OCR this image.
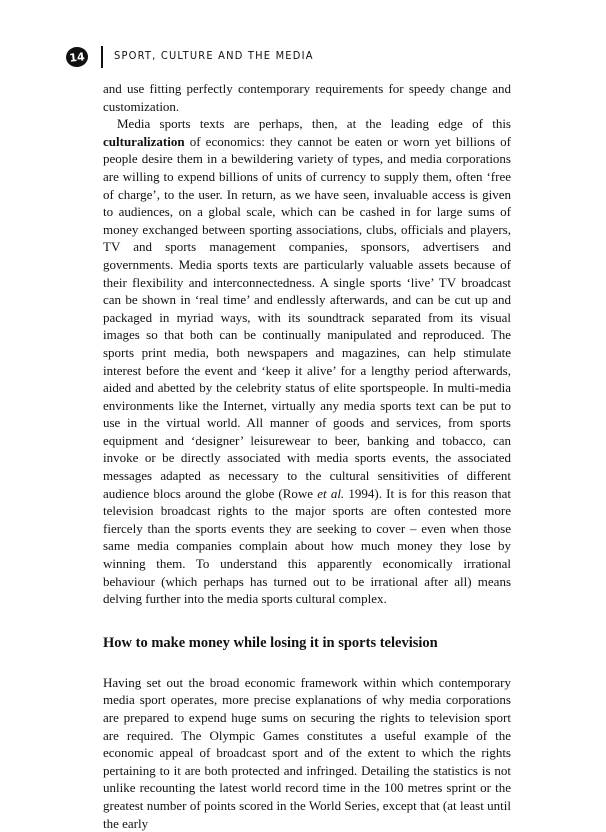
14	SPORT, CULTURE AND THE MEDIA

and use fitting perfectly contemporary requirements for speedy change and customization.

Media sports texts are perhaps, then, at the leading edge of this culturalization of economics: they cannot be eaten or worn yet billions of people desire them in a bewildering variety of types, and media corporations are willing to expend billions of units of currency to supply them, often ‘free of charge’, to the user. In return, as we have seen, invaluable access is given to audiences, on a global scale, which can be cashed in for large sums of money exchanged between sporting associations, clubs, officials and players, TV and sports management companies, sponsors, advertisers and governments. Media sports texts are particularly valuable assets because of their flexibility and interconnectedness. A single sports ‘live’ TV broadcast can be shown in ‘real time’ and endlessly afterwards, and can be cut up and packaged in myriad ways, with its soundtrack separated from its visual images so that both can be continually manipulated and reproduced. The sports print media, both newspapers and magazines, can help stimulate interest before the event and ‘keep it alive’ for a lengthy period afterwards, aided and abetted by the celebrity status of elite sportspeople. In multi-media environments like the Internet, virtually any media sports text can be put to use in the virtual world. All manner of goods and services, from sports equipment and ‘designer’ leisurewear to beer, banking and tobacco, can invoke or be directly associated with media sports events, the associated messages adapted as necessary to the cultural sensitivities of different audience blocs around the globe (Rowe et al. 1994). It is for this reason that television broadcast rights to the major sports are often contested more fiercely than the sports events they are seeking to cover – even when those same media companies complain about how much money they lose by winning them. To understand this apparently economically irrational behaviour (which perhaps has turned out to be irrational after all) means delving further into the media sports cultural complex.

How to make money while losing it in sports television

Having set out the broad economic framework within which contemporary media sport operates, more precise explanations of why media corporations are prepared to expend huge sums on securing the rights to television sport are required. The Olympic Games constitutes a useful example of the economic appeal of broadcast sport and of the extent to which the rights pertaining to it are both protected and infringed. Detailing the statistics is not unlike recounting the latest world record time in the 100 metres sprint or the greatest number of points scored in the World Series, except that (at least until the early
